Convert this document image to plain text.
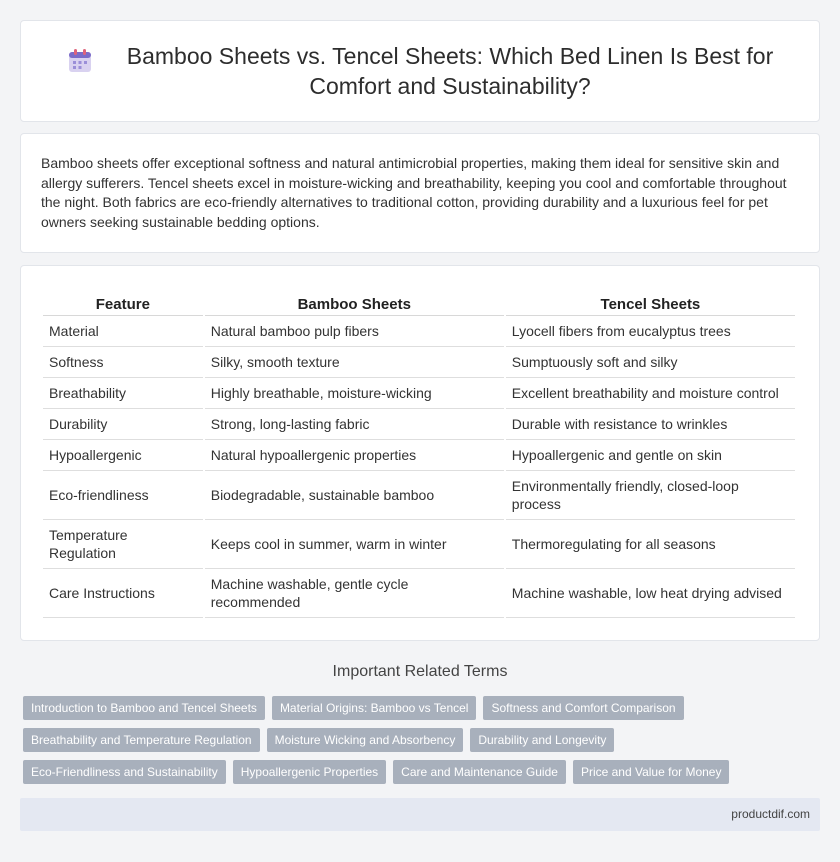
Bamboo Sheets vs. Tencel Sheets: Which Bed Linen Is Best for Comfort and Sustainability?

Bamboo sheets offer exceptional softness and natural antimicrobial properties, making them ideal for sensitive skin and allergy sufferers. Tencel sheets excel in moisture-wicking and breathability, keeping you cool and comfortable throughout the night. Both fabrics are eco-friendly alternatives to traditional cotton, providing durability and a luxurious feel for pet owners seeking sustainable bedding options.

Feature	Bamboo Sheets	Tencel Sheets
Material	Natural bamboo pulp fibers	Lyocell fibers from eucalyptus trees
Softness	Silky, smooth texture	Sumptuously soft and silky
Breathability	Highly breathable, moisture-wicking	Excellent breathability and moisture control
Durability	Strong, long-lasting fabric	Durable with resistance to wrinkles
Hypoallergenic	Natural hypoallergenic properties	Hypoallergenic and gentle on skin
Eco-friendliness	Biodegradable, sustainable bamboo	Environmentally friendly, closed-loop process
Temperature Regulation	Keeps cool in summer, warm in winter	Thermoregulating for all seasons
Care Instructions	Machine washable, gentle cycle recommended	Machine washable, low heat drying advised
Important Related Terms
Introduction to Bamboo and Tencel Sheets	Material Origins: Bamboo vs Tencel	Softness and Comfort Comparison
Breathability and Temperature Regulation	Moisture Wicking and Absorbency	Durability and Longevity
Eco-Friendliness and Sustainability	Hypoallergenic Properties	Care and Maintenance Guide	Price and Value for Money
productdif.com
